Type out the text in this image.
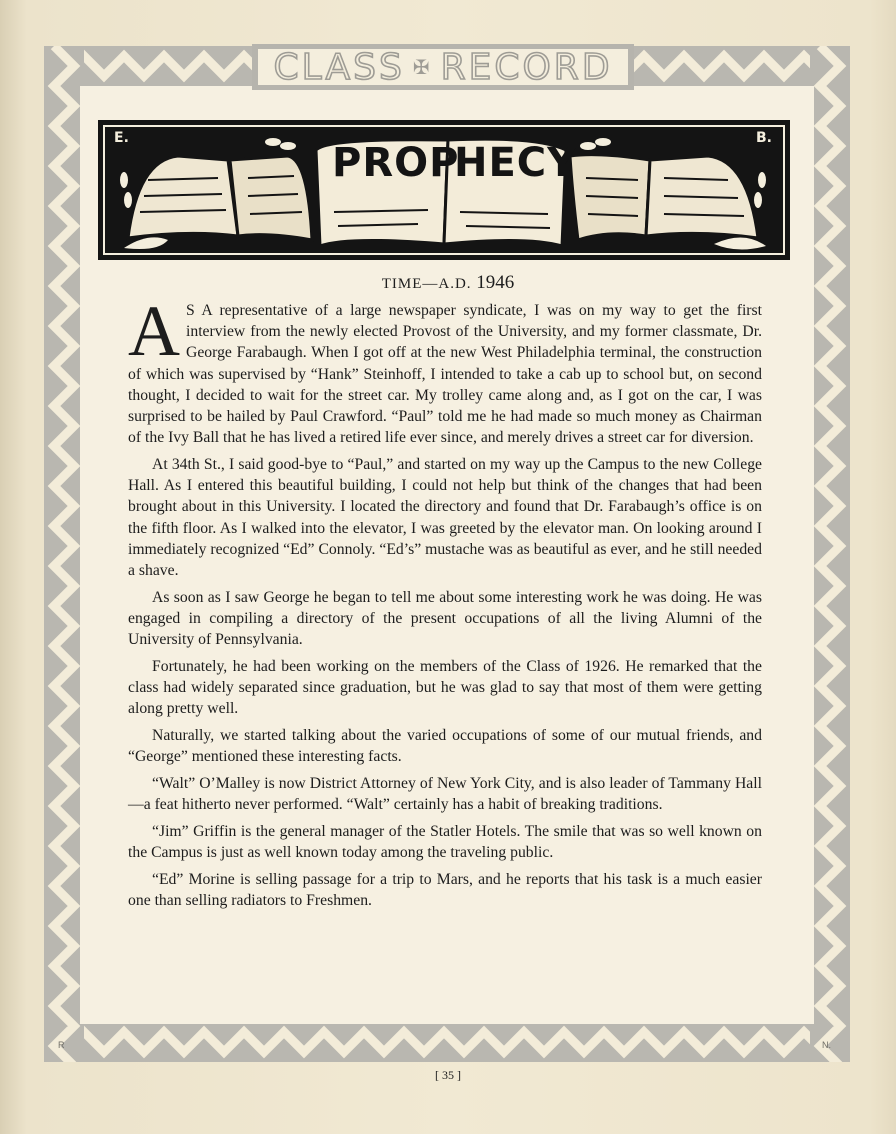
CLASS ✠ RECORD
E.	B.
PROP
HECY
TIME—A.D. 1946

A S A representative of a large newspaper syndicate, I was on my way to get the first interview from the newly elected Provost of the University, and my former classmate, Dr. George Farabaugh. When I got off at the new West Philadelphia terminal, the construction of which was supervised by “Hank” Steinhoff, I intended to take a cab up to school but, on second thought, I decided to wait for the street car. My trolley came along and, as I got on the car, I was surprised to be hailed by Paul Crawford. “Paul” told me he had made so much money as Chairman of the Ivy Ball that he has lived a retired life ever since, and merely drives a street car for diversion.

At 34th St., I said good-bye to “Paul,” and started on my way up the Campus to the new College Hall. As I entered this beautiful building, I could not help but think of the changes that had been brought about in this University. I located the directory and found that Dr. Farabaugh’s office is on the fifth floor. As I walked into the elevator, I was greeted by the elevator man. On looking around I immediately recognized “Ed” Connoly. “Ed’s” mustache was as beautiful as ever, and he still needed a shave.

As soon as I saw George he began to tell me about some interesting work he was doing. He was engaged in compiling a directory of the present occupations of all the living Alumni of the University of Pennsylvania.

Fortunately, he had been working on the members of the Class of 1926. He remarked that the class had widely separated since graduation, but he was glad to say that most of them were getting along pretty well.

Naturally, we started talking about the varied occupations of some of our mutual friends, and “George” mentioned these interesting facts.

“Walt” O’Malley is now District Attorney of New York City, and is also leader of Tammany Hall—a feat hitherto never performed. “Walt” certainly has a habit of breaking traditions.

“Jim” Griffin is the general manager of the Statler Hotels. The smile that was so well known on the Campus is just as well known today among the traveling public.

“Ed” Morine is selling passage for a trip to Mars, and he reports that his task is a much easier one than selling radiators to Freshmen.

R	N.
[ 35 ]
